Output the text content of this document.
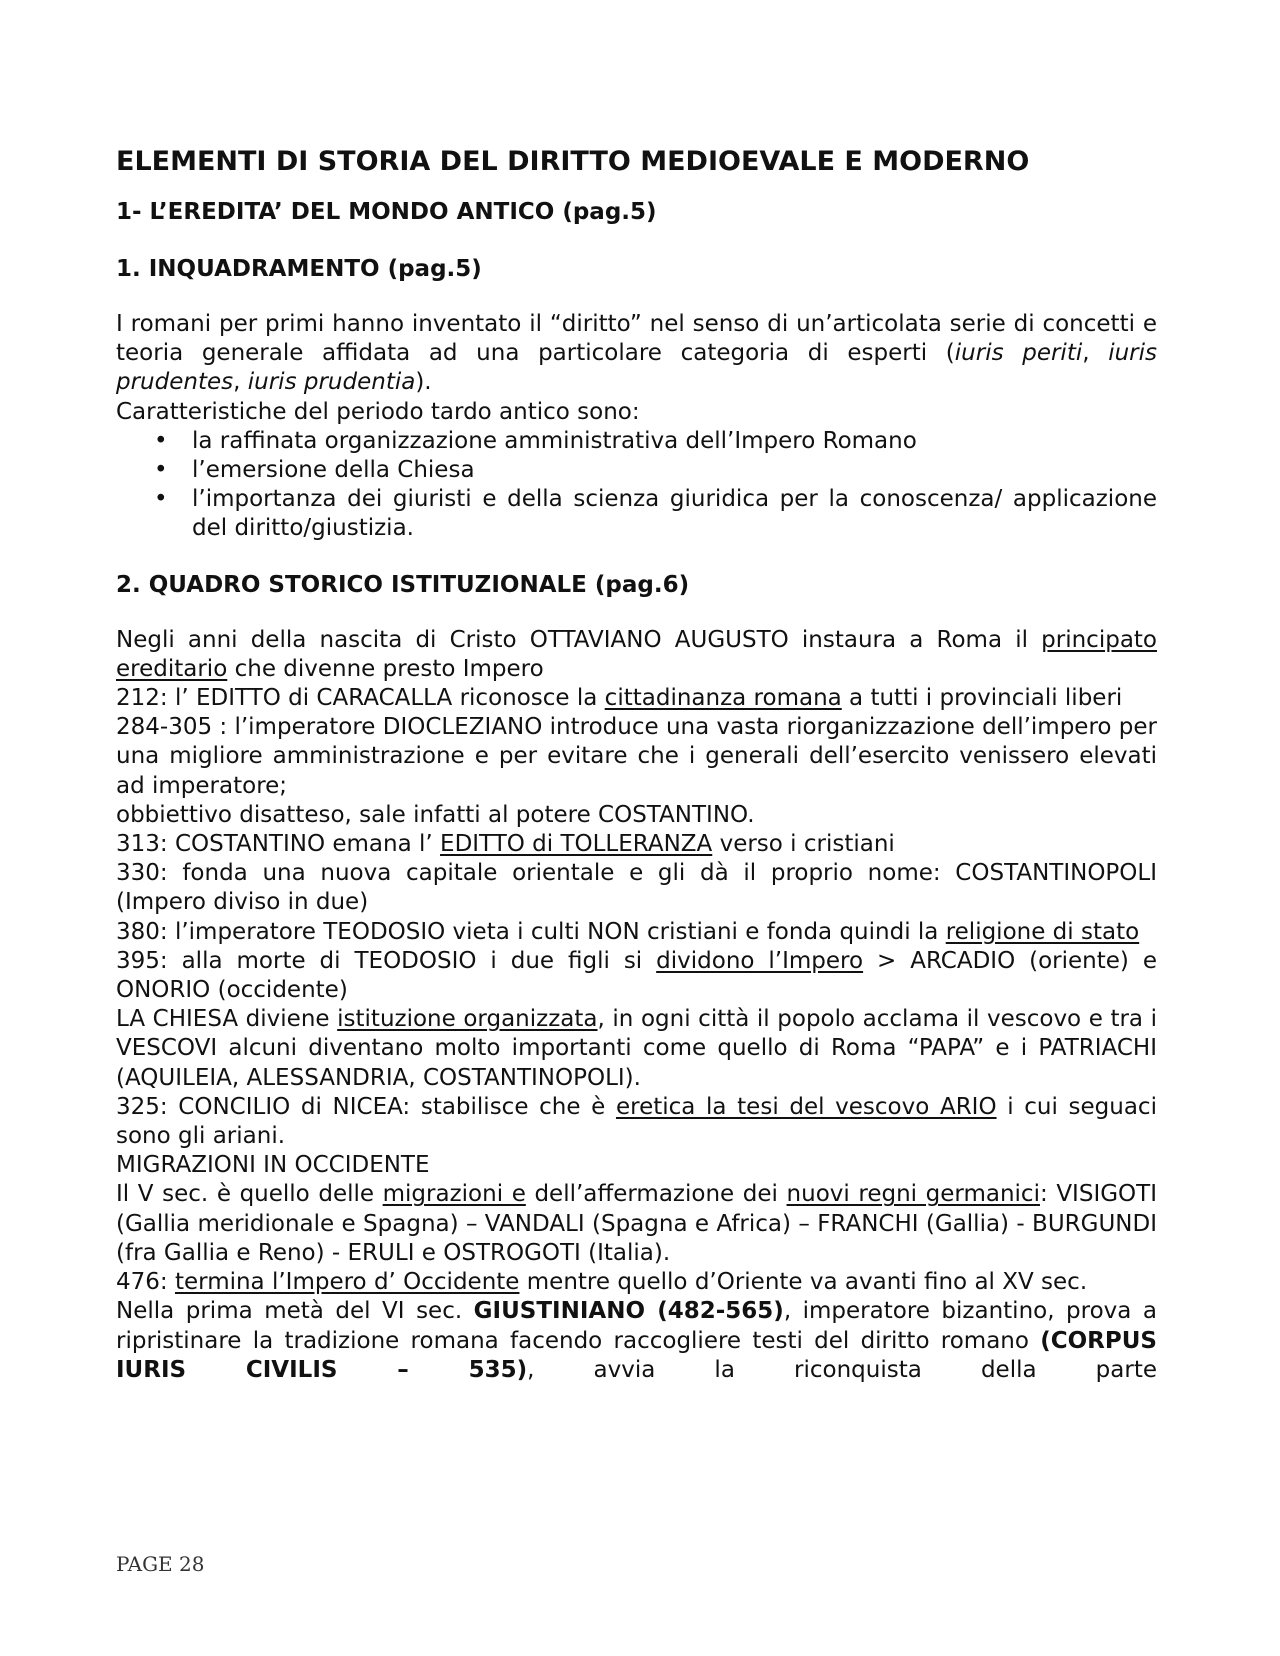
ELEMENTI DI STORIA DEL DIRITTO MEDIOEVALE E MODERNO
1- L’EREDITA’ DEL MONDO ANTICO (pag.5)
1. INQUADRAMENTO (pag.5)

I romani per primi hanno inventato il “diritto” nel senso di un’articolata serie di concetti e teoria generale affidata ad una particolare categoria di esperti (iuris periti, iuris prudentes, iuris prudentia).

Caratteristiche del periodo tardo antico sono:

• la raffinata organizzazione amministrativa dell’Impero Romano
• l’emersione della Chiesa
• l’importanza dei giuristi e della scienza giuridica per la conoscenza/ applicazione del diritto/giustizia.
2. QUADRO STORICO ISTITUZIONALE (pag.6)

Negli anni della nascita di Cristo OTTAVIANO AUGUSTO instaura a Roma il principato ereditario che divenne presto Impero

212: l’ EDITTO di CARACALLA riconosce la cittadinanza romana a tutti i provinciali liberi

284-305 : l’imperatore DIOCLEZIANO introduce una vasta riorganizzazione dell’impero per una migliore amministrazione e per evitare che i generali dell’esercito venissero elevati ad imperatore;

obbiettivo disatteso, sale infatti al potere COSTANTINO.

313: COSTANTINO emana l’ EDITTO di TOLLERANZA verso i cristiani

330: fonda una nuova capitale orientale e gli dà il proprio nome: COSTANTINOPOLI (Impero diviso in due)

380: l’imperatore TEODOSIO vieta i culti NON cristiani e fonda quindi la religione di stato

395: alla morte di TEODOSIO i due figli si dividono l’Impero > ARCADIO (oriente) e ONORIO (occidente)

LA CHIESA diviene istituzione organizzata, in ogni città il popolo acclama il vescovo e tra i VESCOVI alcuni diventano molto importanti come quello di Roma “PAPA” e i PATRIACHI (AQUILEIA, ALESSANDRIA, COSTANTINOPOLI).

325: CONCILIO di NICEA: stabilisce che è eretica la tesi del vescovo ARIO i cui seguaci sono gli ariani.

MIGRAZIONI IN OCCIDENTE

Il V sec. è quello delle migrazioni e dell’affermazione dei nuovi regni germanici: VISIGOTI (Gallia meridionale e Spagna) – VANDALI (Spagna e Africa) – FRANCHI (Gallia) - BURGUNDI (fra Gallia e Reno) - ERULI e OSTROGOTI (Italia).

476: termina l’Impero d’ Occidente mentre quello d’Oriente va avanti fino al XV sec.

Nella prima metà del VI sec. GIUSTINIANO (482-565), imperatore bizantino, prova a ripristinare la tradizione romana facendo raccogliere testi del diritto romano (CORPUS IURIS CIVILIS – 535), avvia la riconquista della parte

PAGE 28
